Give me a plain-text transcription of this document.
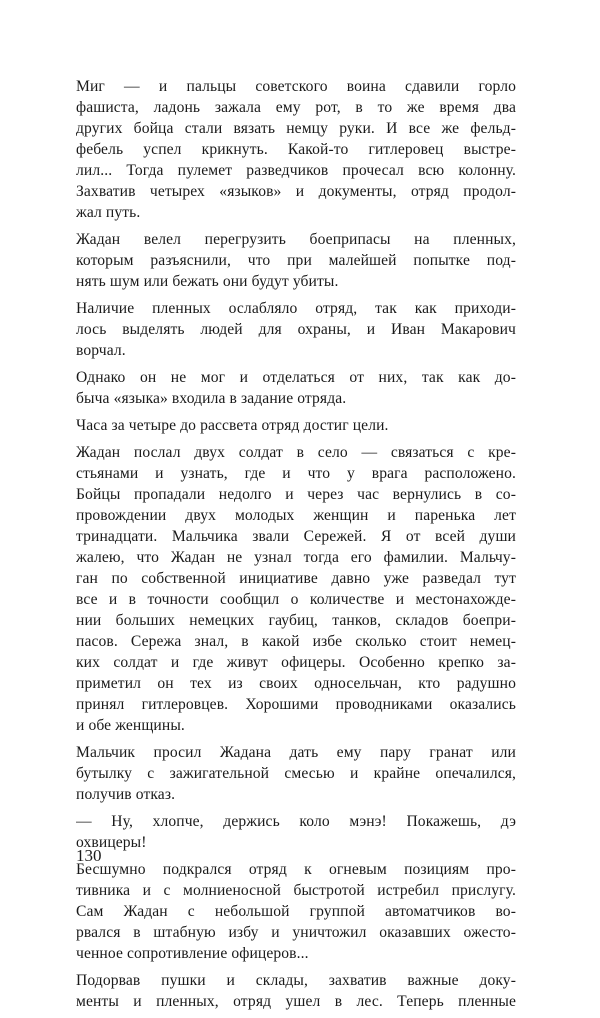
Миг — и пальцы советского воина сдавили горло
фашиста, ладонь зажала ему рот, в то же время два
других бойца стали вязать немцу руки. И все же фельд-
фебель успел крикнуть. Какой-то гитлеровец выстре-
лил... Тогда пулемет разведчиков прочесал всю колонну.
Захватив четырех «языков» и документы, отряд продол-
жал путь.

Жадан велел перегрузить боеприпасы на пленных,
которым разъяснили, что при малейшей попытке под-
нять шум или бежать они будут убиты.

Наличие пленных ослабляло отряд, так как приходи-
лось выделять людей для охраны, и Иван Макарович
ворчал.

Однако он не мог и отделаться от них, так как до-
быча «языка» входила в задание отряда.

Часа за четыре до рассвета отряд достиг цели.

Жадан послал двух солдат в село — связаться с кре-
стьянами и узнать, где и что у врага расположено.
Бойцы пропадали недолго и через час вернулись в со-
провождении двух молодых женщин и паренька лет
тринадцати. Мальчика звали Сережей. Я от всей души
жалею, что Жадан не узнал тогда его фамилии. Мальчу-
ган по собственной инициативе давно уже разведал тут
все и в точности сообщил о количестве и местонахожде-
нии больших немецких гаубиц, танков, складов боепри-
пасов. Сережа знал, в какой избе сколько стоит немец-
ких солдат и где живут офицеры. Особенно крепко за-
приметил он тех из своих односельчан, кто радушно
принял гитлеровцев. Хорошими проводниками оказались
и обе женщины.

Мальчик просил Жадана дать ему пару гранат или
бутылку с зажигательной смесью и крайне опечалился,
получив отказ.

— Ну, хлопче, держись коло мэнэ! Покажешь, дэ
охвицеры!

Бесшумно подкрался отряд к огневым позициям про-
тивника и с молниеносной быстротой истребил прислугу.
Сам Жадан с небольшой группой автоматчиков во-
рвался в штабную избу и уничтожил оказавших ожесто-
ченное сопротивление офицеров...

Подорвав пушки и склады, захватив важные доку-
менты и пленных, отряд ушел в лес. Теперь пленные

130
